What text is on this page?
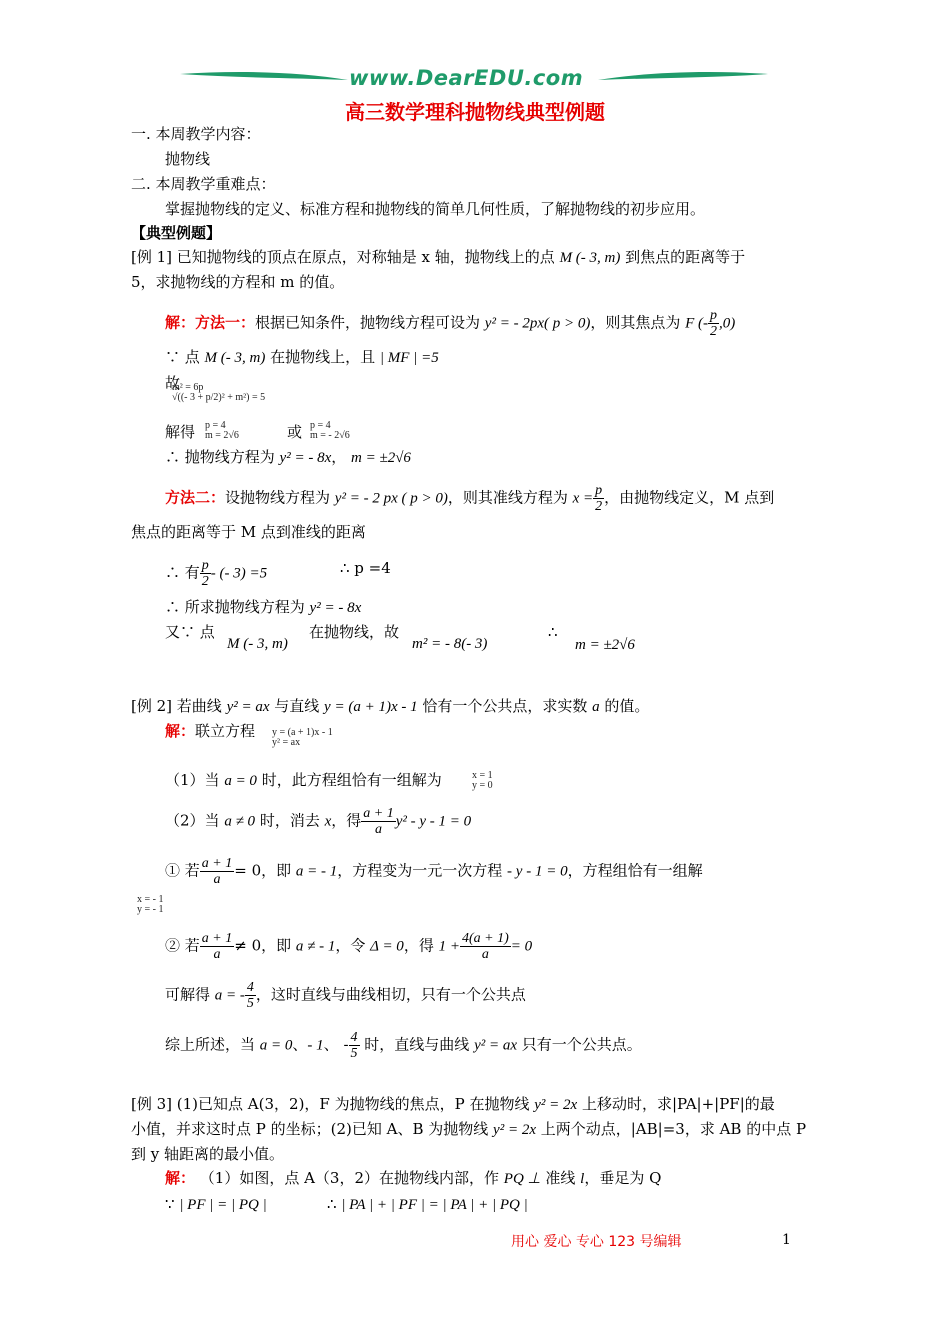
www.DearEDU.com
高三数学理科抛物线典型例题
一. 本周教学内容：
抛物线
二. 本周教学重难点：
掌握抛物线的定义、标准方程和抛物线的简单几何性质，了解抛物线的初步应用。
【典型例题】
[例 1] 已知抛物线的顶点在原点，对称轴是 x 轴，抛物线上的点 M (- 3, m) 到焦点的距离等于
5，求抛物线的方程和 m 的值。
解：方法一：根据已知条件，抛物线方程可设为 y² = - 2px( p > 0)，则其焦点为 F (- $\frac{p}{2} ,0$)
∵ 点 M (- 3, m) 在抛物线上，且 | MF | =5
故
m² = 6p
√((- 3 + p/2)² + m²) = 5
解得 p = 4
m = 2√6	或 p = 4
m = - 2√6
∴ 抛物线方程为 y² = - 8x， m = ±2√6
方法二：设抛物线方程为 y² = - 2 px ( p > 0)，则其准线方程为 $x = \frac{p}{2}$ ，由抛物线定义，M 点到
焦点的距离等于 M 点到准线的距离
∴ 有 $\frac{p}{2}$ - (- 3) =5	∴ p =4
∴ 所求抛物线方程为 y² = - 8x
又∵ 点
M (- 3, m)
在抛物线，故
m² = - 8(- 3)
∴
m = ±2√6
[例 2] 若曲线 y² = ax 与直线 y = (a + 1)x - 1 恰有一个公共点，求实数 a 的值。
解：联立方程 y = (a + 1)x - 1
y² = ax
（1）当 a = 0 时，此方程组恰有一组解为	x = 1
y = 0
（2）当 a ≠ 0 时，消去 x，得 $\frac{a + 1}{a} y^2 - y - 1 = 0$
① 若 $\frac{a + 1}{a} = 0$，即 a = - 1，方程变为一元一次方程 - y - 1 = 0，方程组恰有一组解
x = - 1
y = - 1
② 若 $\frac{a + 1}{a} \ne 0$，即 a ≠ - 1，令 Δ = 0，得 $1 + \frac{4(a + 1)}{a} = 0$
可解得 a = - $\frac{4}{5}$ ，这时直线与曲线相切，只有一个公共点
综上所述，当 a = 0、- 1、 - $\frac{4}{5}$ 时，直线与曲线 y² = ax 只有一个公共点。
[例 3] (1)已知点 A(3，2)，F 为抛物线的焦点，P 在抛物线 y² = 2x 上移动时，求|PA|+|PF|的最
小值，并求这时点 P 的坐标；(2)已知 A、B 为抛物线 y² = 2x 上两个动点，|AB|=3，求 AB 的中点 P
到 y 轴距离的最小值。
解： （1）如图，点 A（3，2）在抛物线内部，作 PQ ⊥ 准线 l，垂足为 Q
∵ | PF | = | PQ |	∴ | PA | + | PF | = | PA | + | PQ |
用心 爱心 专心 123 号编辑	1
